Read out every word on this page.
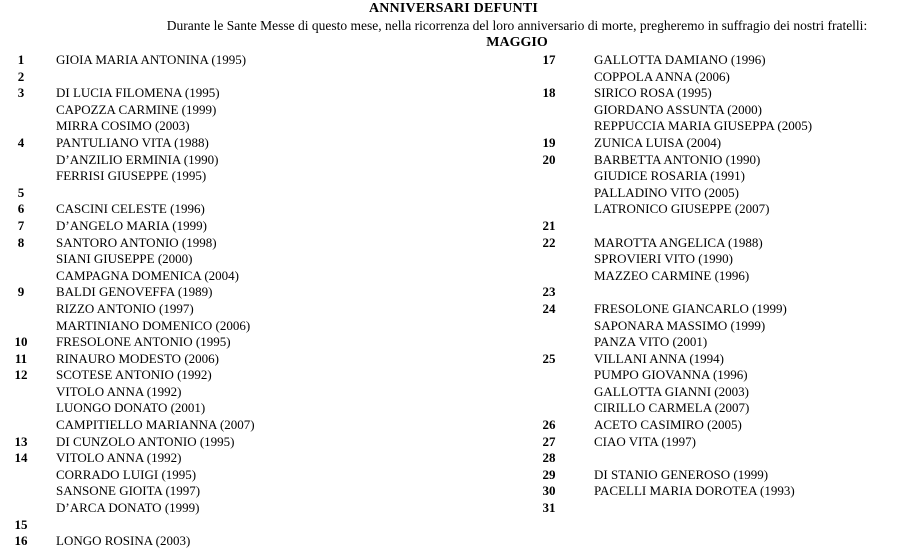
ANNIVERSARI DEFUNTI
Durante le Sante Messe di questo mese, nella ricorrenza del loro anniversario di morte, pregheremo in suffragio dei nostri fratelli:
MAGGIO
1	GIOIA MARIA ANTONINA (1995)
2
3	DI LUCIA FILOMENA (1995)
CAPOZZA CARMINE (1999)
MIRRA COSIMO (2003)
4	PANTULIANO VITA (1988)
D’ANZILIO ERMINIA (1990)
FERRISI GIUSEPPE (1995)
5
6	CASCINI CELESTE (1996)
7	D’ANGELO MARIA (1999)
8	SANTORO ANTONIO (1998)
SIANI GIUSEPPE (2000)
CAMPAGNA DOMENICA (2004)
9	BALDI GENOVEFFA (1989)
RIZZO ANTONIO (1997)
MARTINIANO DOMENICO (2006)
10	FRESOLONE ANTONIO (1995)
11	RINAURO MODESTO (2006)
12	SCOTESE ANTONIO (1992)
VITOLO ANNA (1992)
LUONGO DONATO (2001)
CAMPITIELLO MARIANNA (2007)
13	DI CUNZOLO ANTONIO (1995)
14	VITOLO ANNA (1992)
CORRADO LUIGI (1995)
SANSONE GIOITA (1997)
D’ARCA DONATO (1999)
15
16	LONGO ROSINA (2003)
17	GALLOTTA DAMIANO (1996)
COPPOLA ANNA (2006)
18	SIRICO ROSA (1995)
GIORDANO ASSUNTA (2000)
REPPUCCIA MARIA GIUSEPPA (2005)
19	ZUNICA LUISA (2004)
20	BARBETTA ANTONIO (1990)
GIUDICE ROSARIA (1991)
PALLADINO VITO (2005)
LATRONICO GIUSEPPE (2007)
21
22	MAROTTA ANGELICA (1988)
SPROVIERI VITO (1990)
MAZZEO CARMINE (1996)
23
24	FRESOLONE GIANCARLO (1999)
SAPONARA MASSIMO (1999)
PANZA VITO (2001)
25	VILLANI ANNA (1994)
PUMPO GIOVANNA (1996)
GALLOTTA GIANNI (2003)
CIRILLO CARMELA (2007)
26	ACETO CASIMIRO (2005)
27	CIAO VITA (1997)
28
29	DI STANIO GENEROSO (1999)
30	PACELLI MARIA DOROTEA (1993)
31
